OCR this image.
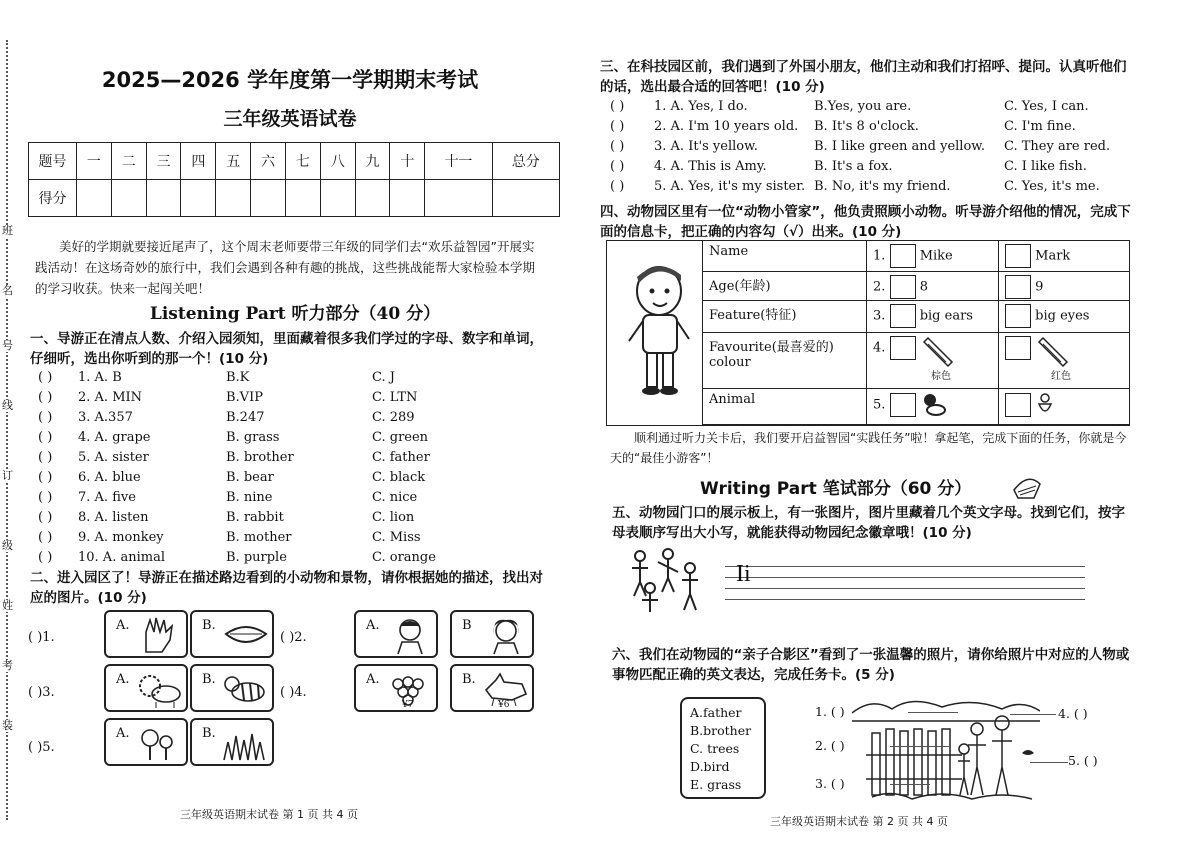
班
名
号
线
订
级
姓
考
装
2025—2026 学年度第一学期期末考试
三年级英语试卷
题号	一	二	三	四	五	六	七	八	九	十	十一	总分
得分												
美好的学期就要接近尾声了，这个周末老师要带三年级的同学们去“欢乐益智园”开展实践活动！在这场奇妙的旅行中，我们会遇到各种有趣的挑战，这些挑战能帮大家检验本学期的学习收获。快来一起闯关吧！
Listening Part 听力部分（40 分）
一、导游正在清点人数、介绍入园须知，里面藏着很多我们学过的字母、数字和单词，仔细听，选出你听到的那一个！(10 分)
( ) 1. A. B	B.K	C. J
( ) 2. A. MIN	B.VIP	C. LTN
( ) 3. A.357	B.247	C. 289
( ) 4. A. grape	B. grass	C. green
( ) 5. A. sister	B. brother	C. father
( ) 6. A. blue	B. bear	C. black
( ) 7. A. five	B. nine	C. nice
( ) 8. A. listen	B. rabbit	C. lion
( ) 9. A. monkey	B. mother	C. Miss
( ) 10. A. animal	B. purple	C. orange
二、进入园区了！导游正在描述路边看到的小动物和景物，请你根据她的描述，找出对应的图片。(10 分)
( )1.
A.	B.
( )2.
A.	B
( )3.
A.	B.
( )4.
A.
¥7
B.
¥6
( )5.
A.	B.
三年级英语期末试卷 第 1 页 共 4 页
三、在科技园区前，我们遇到了外国小朋友，他们主动和我们打招呼、提问。认真听他们的话，选出最合适的回答吧！(10 分)
( ) 1. A. Yes, I do.	B.Yes, you are.	C. Yes, I can.
( ) 2. A. I'm 10 years old. B. It's 8 o'clock.	C. I'm fine.
( ) 3. A. It's yellow.	B. I like green and yellow. C. They are red.
( ) 4. A. This is Amy.	B. It's a fox.	C. I like fish.
( ) 5. A. Yes, it's my sister. B. No, it's my friend.	C. Yes, it's me.
四、动物园区里有一位“动物小管家”，他负责照顾小动物。听导游介绍他的情况，完成下面的信息卡，把正确的内容勾（√）出来。(10 分)
Name	1. Mike	Mark
Age(年龄)	2. 8	9
Feature(特征)	3. big ears	big eyes
Favourite(最喜爱的) colour	4.
棕色	红色

Animal	5.	
顺利通过听力关卡后，我们要开启益智园“实践任务”啦！拿起笔，完成下面的任务，你就是今天的“最佳小游客”！
Writing Part 笔试部分（60 分）
五、动物园门口的展示板上，有一张图片，图片里藏着几个英文字母。找到它们，按字母表顺序写出大小写，就能获得动物园纪念徽章哦！(10 分)
Ii
六、我们在动物园的“亲子合影区”看到了一张温馨的照片，请你给照片中对应的人物或事物匹配正确的英文表达，完成任务卡。(5 分)
A.father
B.brother
C. trees
D.bird
E. grass
1. ( )
2. ( )
3. ( )
4. ( )
5. ( )
三年级英语期末试卷 第 2 页 共 4 页
